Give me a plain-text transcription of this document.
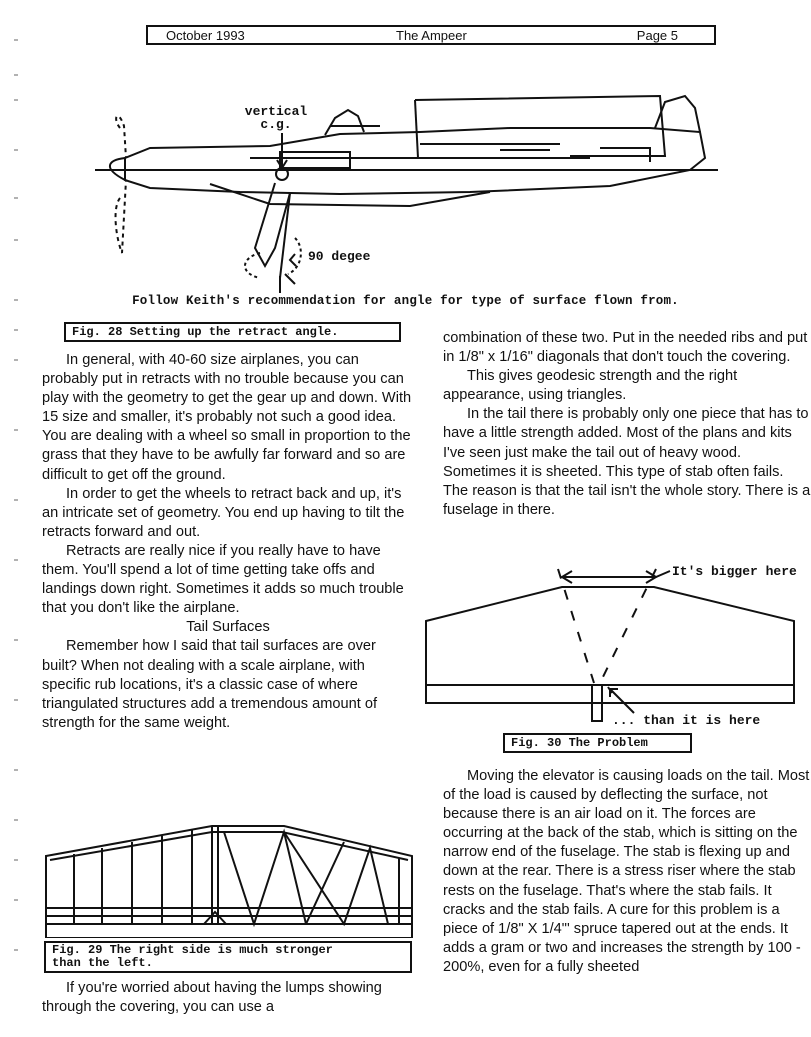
October 1993	The Ampeer	Page 5
vertical
c.g.
90 degee
Follow Keith's recommendation for angle for type of surface flown from.
Fig. 28 Setting up the retract angle.

In general, with 40-60 size airplanes, you can probably put in retracts with no trouble because you can play with the geometry to get the gear up and down. With 15 size and smaller, it's probably not such a good idea. You are dealing with a wheel so small in proportion to the grass that they have to be awfully far forward and so are difficult to get off the ground.

In order to get the wheels to retract back and up, it's an intricate set of geometry. You end up having to tilt the retracts forward and out.

Retracts are really nice if you really have to have them. You'll spend a lot of time getting take offs and landings down right. Sometimes it adds so much trouble that you don't like the airplane.

Tail Surfaces

Remember how I said that tail surfaces are over built? When not dealing with a scale airplane, with specific rub locations, it's a classic case of where triangulated structures add a tremendous amount of strength for the same weight.

Fig. 29 The right side is much stronger
than the left.

If you're worried about having the lumps showing through the covering, you can use a

combination of these two. Put in the needed ribs and put in 1/8" x 1/16" diagonals that don't touch the covering.

This gives geodesic strength and the right appearance, using triangles.

In the tail there is probably only one piece that has to have a little strength added. Most of the plans and kits I've seen just make the tail out of heavy wood. Sometimes it is sheeted. This type of stab often fails. The reason is that the tail isn't the whole story. There is a fuselage in there.

It's bigger here
... than it is here
Fig. 30 The Problem

Moving the elevator is causing loads on the tail. Most of the load is caused by deflecting the surface, not because there is an air load on it. The forces are occurring at the back of the stab, which is sitting on the narrow end of the fuselage. The stab is flexing up and down at the rear. There is a stress riser where the stab rests on the fuselage. That's where the stab fails. It cracks and the stab fails. A cure for this problem is a piece of 1/8" X 1/4"' spruce tapered out at the ends. It adds a gram or two and increases the strength by 100 - 200%, even for a fully sheeted
